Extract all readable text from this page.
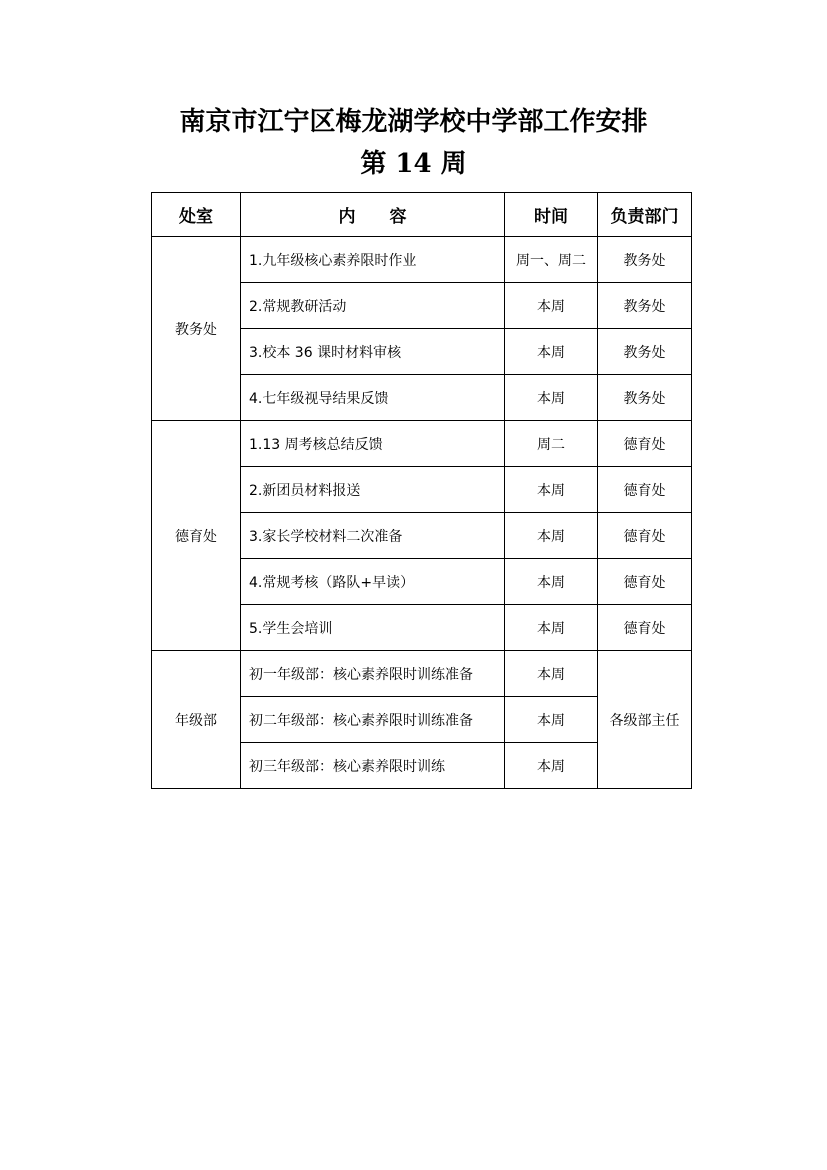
南京市江宁区梅龙湖学校中学部工作安排
第 14 周
处室	内　　容	时间	负责部门
教务处	1.九年级核心素养限时作业	周一、周二	教务处
	2.常规教研活动	本周	教务处
	3.校本 36 课时材料审核	本周	教务处
	4.七年级视导结果反馈	本周	教务处
德育处	1.13 周考核总结反馈	周二	德育处
	2.新团员材料报送	本周	德育处
	3.家长学校材料二次准备	本周	德育处
	4.常规考核（路队+早读）	本周	德育处
	5.学生会培训	本周	德育处
年级部	初一年级部：核心素养限时训练准备	本周	各级部主任
	初二年级部：核心素养限时训练准备	本周	
	初三年级部：核心素养限时训练	本周	
